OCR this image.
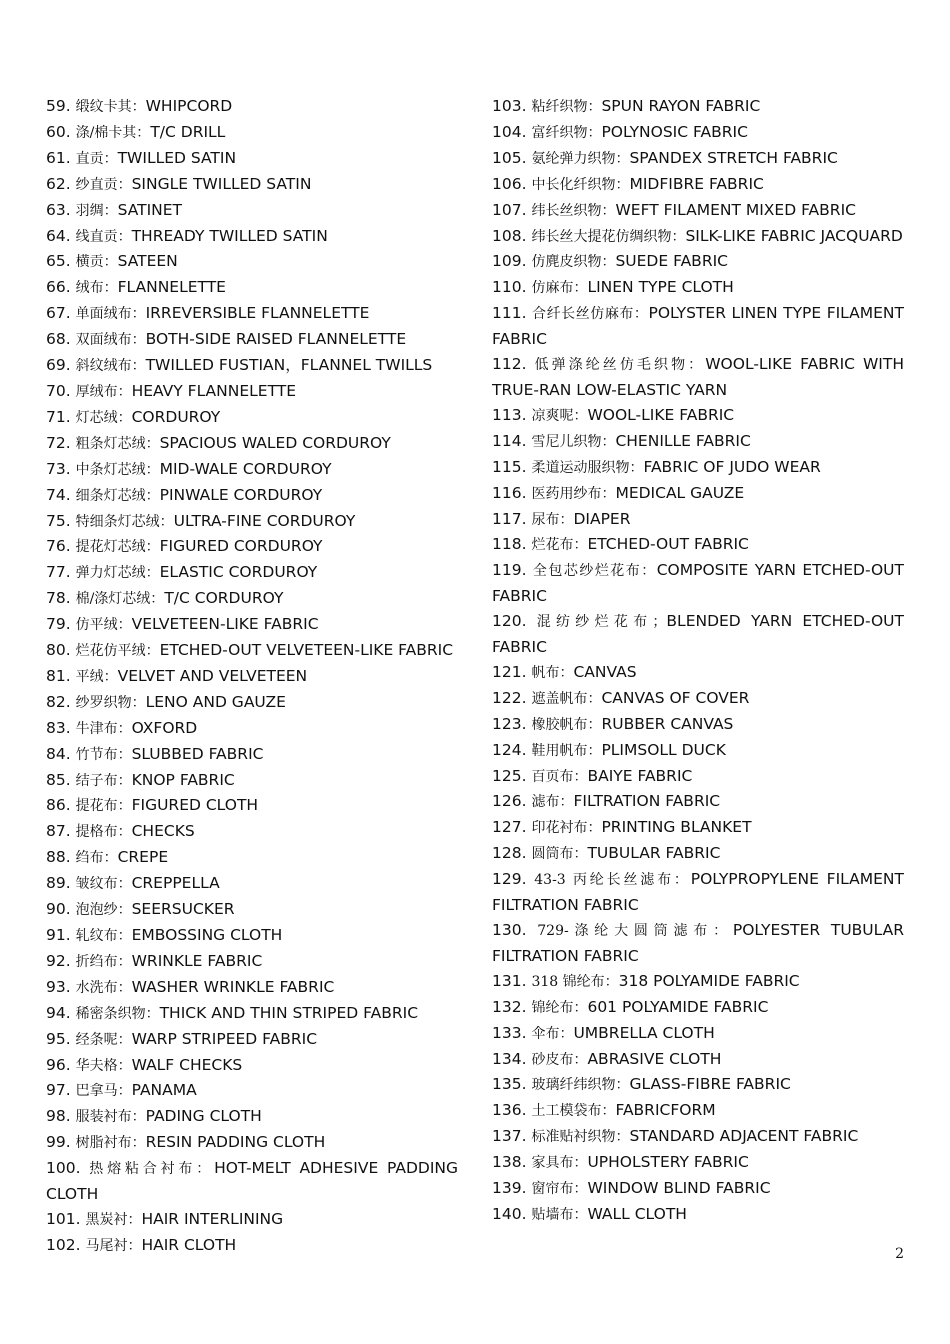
59. 缎纹卡其：WHIPCORD
60. 涤/棉卡其：T/C DRILL
61. 直贡：TWILLED SATIN
62. 纱直贡：SINGLE TWILLED SATIN
63. 羽绸：SATINET
64. 线直贡：THREADY TWILLED SATIN
65. 横贡：SATEEN
66. 绒布：FLANNELETTE
67. 单面绒布：IRREVERSIBLE FLANNELETTE
68. 双面绒布：BOTH-SIDE RAISED FLANNELETTE
69. 斜纹绒布：TWILLED FUSTIAN，FLANNEL TWILLS
70. 厚绒布：HEAVY FLANNELETTE
71. 灯芯绒：CORDUROY
72. 粗条灯芯绒：SPACIOUS WALED CORDUROY
73. 中条灯芯绒：MID-WALE CORDUROY
74. 细条灯芯绒：PINWALE CORDUROY
75. 特细条灯芯绒：ULTRA-FINE CORDUROY
76. 提花灯芯绒：FIGURED CORDUROY
77. 弹力灯芯绒：ELASTIC CORDUROY
78. 棉/涤灯芯绒：T/C CORDUROY
79. 仿平绒：VELVETEEN-LIKE FABRIC
80. 烂花仿平绒：ETCHED-OUT VELVETEEN-LIKE FABRIC
81. 平绒：VELVET AND VELVETEEN
82. 纱罗织物：LENO AND GAUZE
83. 牛津布：OXFORD
84. 竹节布：SLUBBED FABRIC
85. 结子布：KNOP FABRIC
86. 提花布：FIGURED CLOTH
87. 提格布：CHECKS
88. 绉布：CREPE
89. 皱纹布：CREPPELLA
90. 泡泡纱：SEERSUCKER
91. 轧纹布：EMBOSSING CLOTH
92. 折绉布：WRINKLE FABRIC
93. 水洗布：WASHER WRINKLE FABRIC
94. 稀密条织物：THICK AND THIN STRIPED FABRIC
95. 经条呢：WARP STRIPEED FABRIC
96. 华夫格：WALF CHECKS
97. 巴拿马：PANAMA
98. 服装衬布：PADING CLOTH
99. 树脂衬布：RESIN PADDING CLOTH
100. 热熔粘合衬布：HOT-MELT ADHESIVE PADDING CLOTH
101. 黑炭衬：HAIR INTERLINING
102. 马尾衬：HAIR CLOTH
103. 粘纤织物：SPUN RAYON FABRIC
104. 富纤织物：POLYNOSIC FABRIC
105. 氨纶弹力织物：SPANDEX STRETCH FABRIC
106. 中长化纤织物：MIDFIBRE FABRIC
107. 纬长丝织物：WEFT FILAMENT MIXED FABRIC
108. 纬长丝大提花仿绸织物：SILK-LIKE FABRIC JACQUARD
109. 仿麂皮织物：SUEDE FABRIC
110. 仿麻布：LINEN TYPE CLOTH
111. 合纤长丝仿麻布：POLYSTER LINEN TYPE FILAMENT FABRIC
112. 低弹涤纶丝仿毛织物：WOOL-LIKE FABRIC WITH TRUE-RAN LOW-ELASTIC YARN
113. 凉爽呢：WOOL-LIKE FABRIC
114. 雪尼儿织物：CHENILLE FABRIC
115. 柔道运动服织物：FABRIC OF JUDO WEAR
116. 医药用纱布：MEDICAL GAUZE
117. 尿布：DIAPER
118. 烂花布：ETCHED-OUT FABRIC
119. 全包芯纱烂花布：COMPOSITE YARN ETCHED-OUT FABRIC
120. 混纺纱烂花布；BLENDED YARN ETCHED-OUT FABRIC
121. 帆布：CANVAS
122. 遮盖帆布：CANVAS OF COVER
123. 橡胶帆布：RUBBER CANVAS
124. 鞋用帆布：PLIMSOLL DUCK
125. 百页布：BAIYE FABRIC
126. 滤布：FILTRATION FABRIC
127. 印花衬布：PRINTING BLANKET
128. 圆筒布：TUBULAR FABRIC
129. 43-3 丙纶长丝滤布：POLYPROPYLENE FILAMENT FILTRATION FABRIC
130. 729-涤纶大圆筒滤布：POLYESTER TUBULAR FILTRATION FABRIC
131. 318 锦纶布：318 POLYAMIDE FABRIC
132. 锦纶布：601 POLYAMIDE FABRIC
133. 伞布：UMBRELLA CLOTH
134. 砂皮布：ABRASIVE CLOTH
135. 玻璃纤纬织物：GLASS-FIBRE FABRIC
136. 土工模袋布：FABRICFORM
137. 标准贴衬织物：STANDARD ADJACENT FABRIC
138. 家具布：UPHOLSTERY FABRIC
139. 窗帘布：WINDOW BLIND FABRIC
140. 贴墙布：WALL CLOTH
2
